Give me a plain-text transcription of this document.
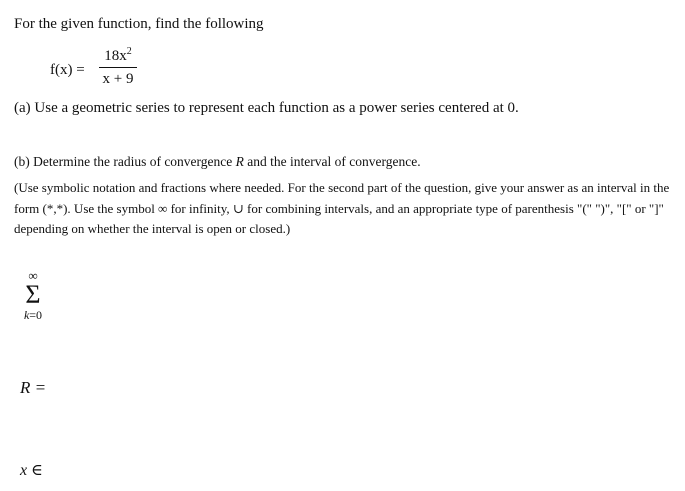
For the given function, find the following
f(x) =
$18x^2$
x + 9
(a) Use a geometric series to represent each function as a power series centered at 0.
(b) Determine the radius of convergence R and the interval of convergence.
(Use symbolic notation and fractions where needed. For the second part of the question, give your answer as an interval in the form (*,*). Use the symbol ∞ for infinity, ∪ for combining intervals, and an appropriate type of parenthesis "(" ")", "[" or "]" depending on whether the interval is open or closed.)
∞
Σ
k=0
R =
x ∈
